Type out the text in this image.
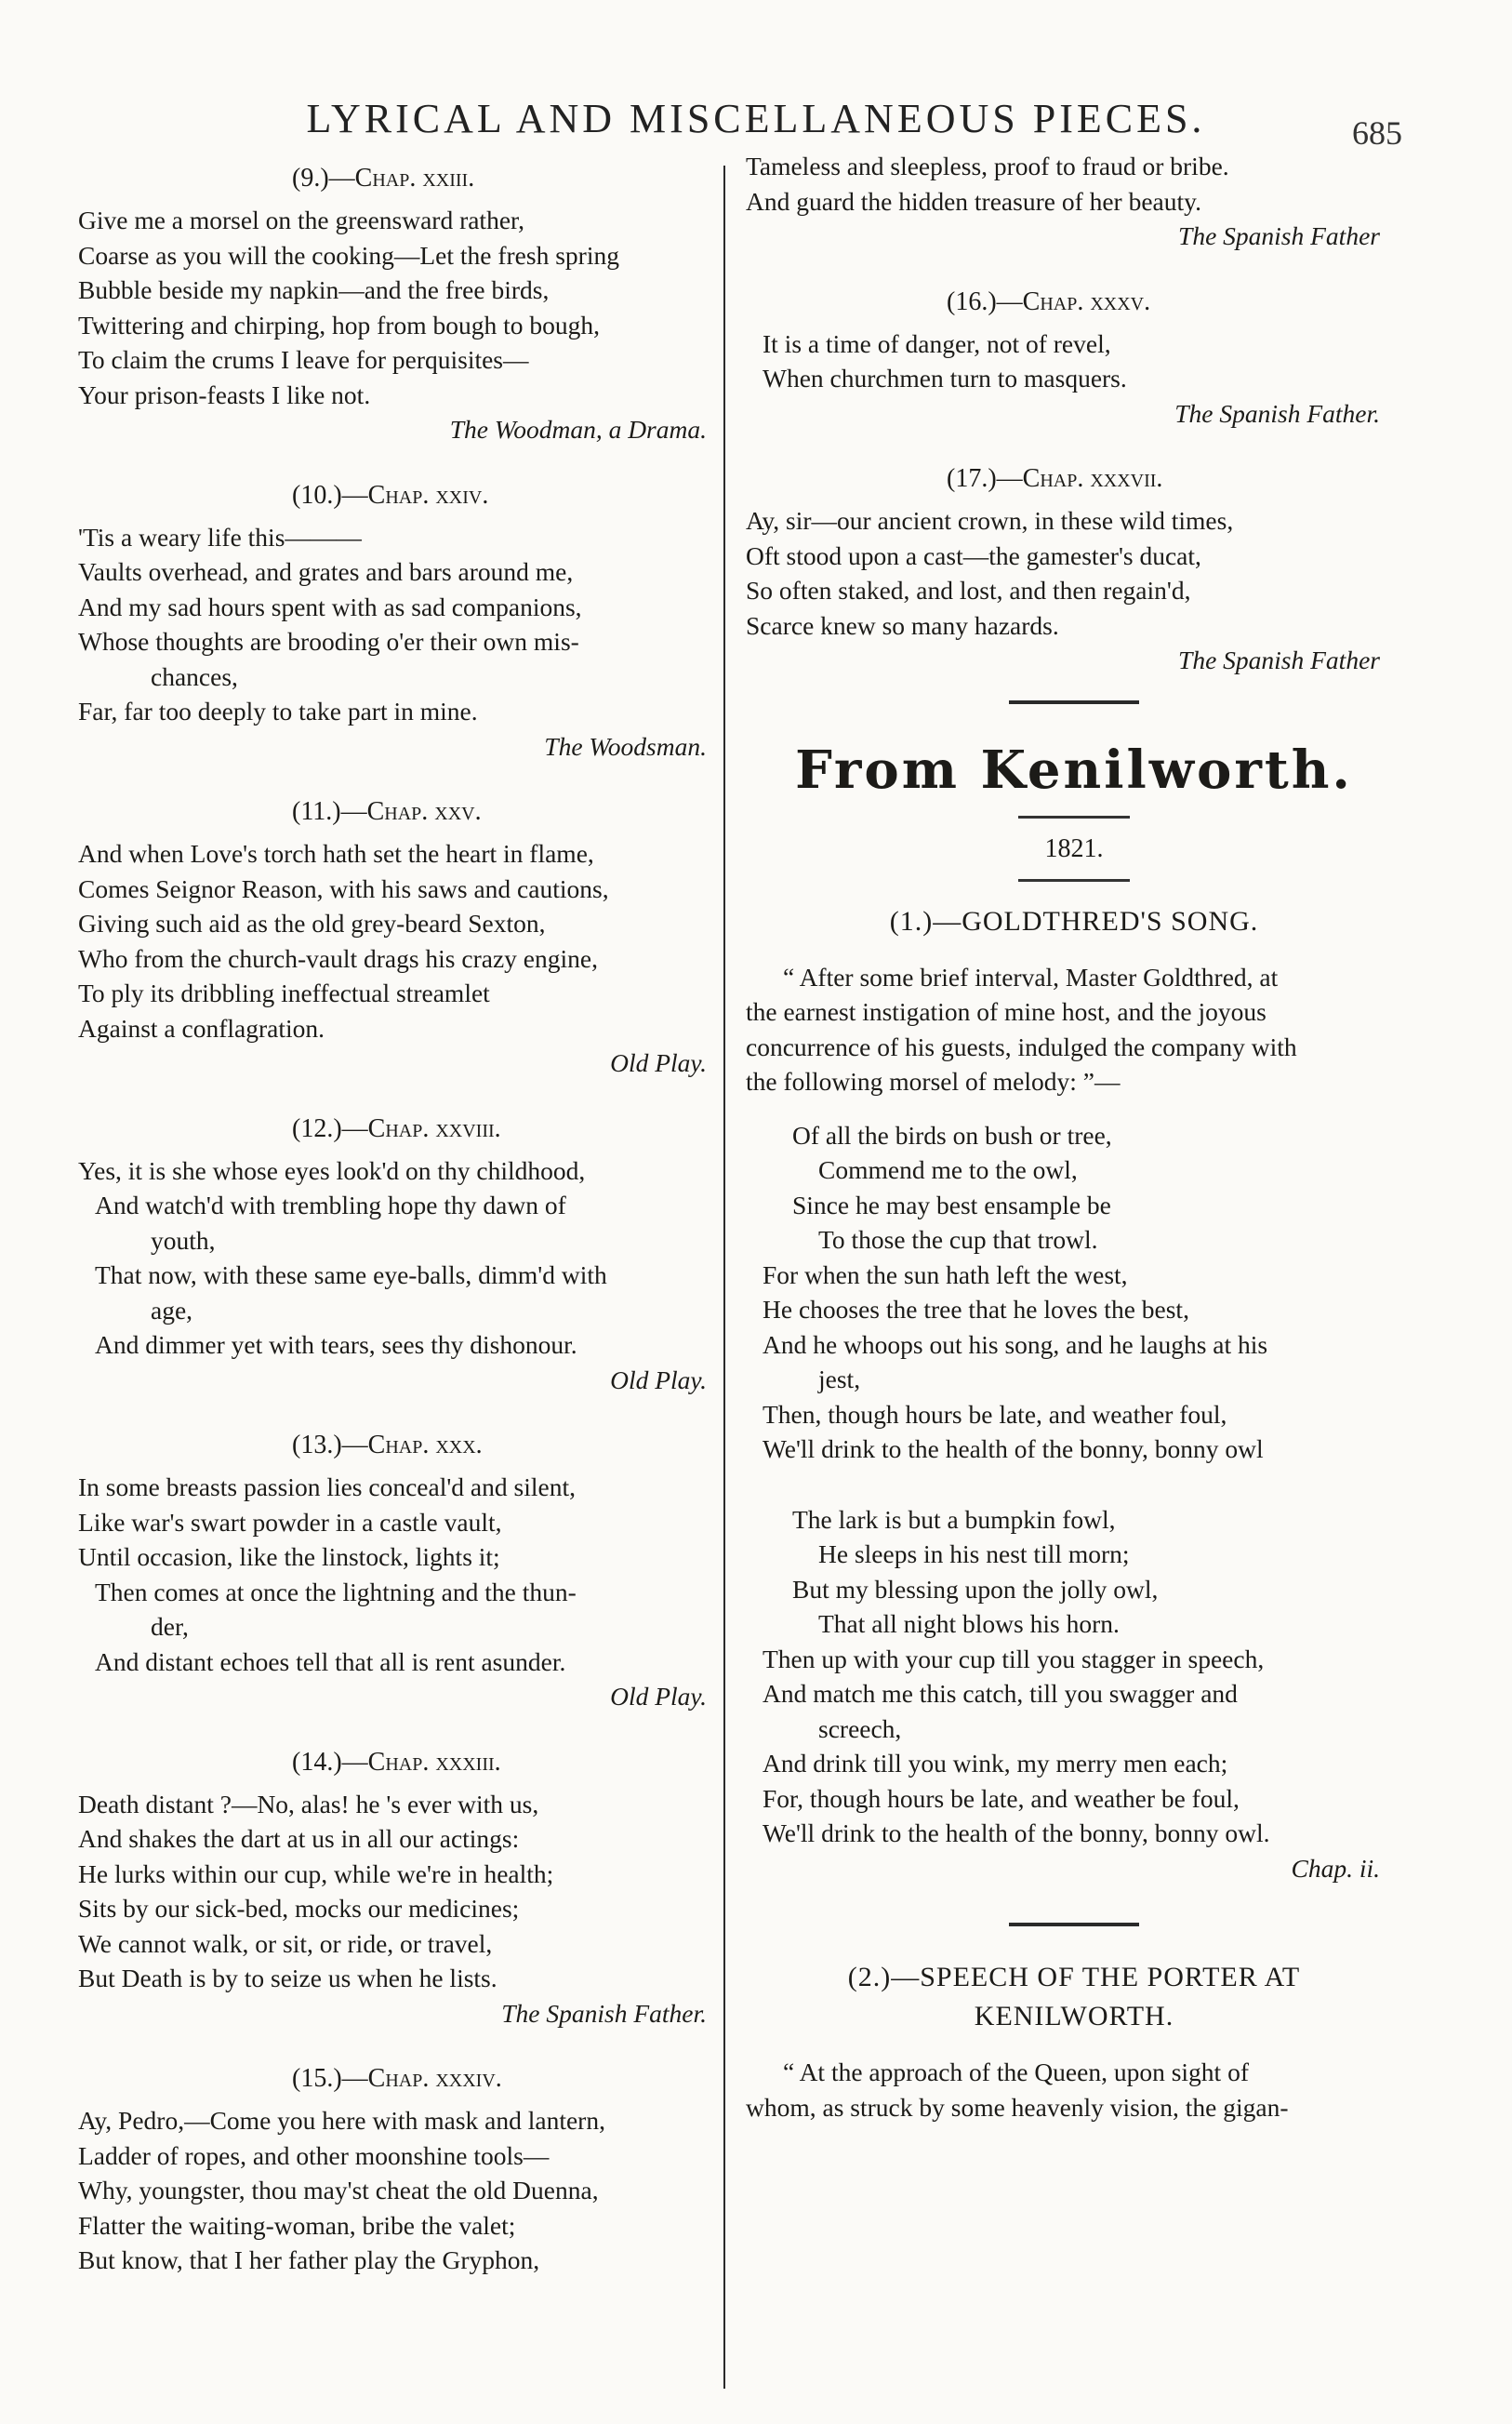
LYRICAL AND MISCELLANEOUS PIECES.	685
(9.)—Chap. xxiii.
Give me a morsel on the greensward rather,
Coarse as you will the cooking—Let the fresh spring
Bubble beside my napkin—and the free birds,
Twittering and chirping, hop from bough to bough,
To claim the crums I leave for perquisites—
Your prison-feasts I like not.
The Woodman, a Drama.
(10.)—Chap. xxiv.
'Tis a weary life this———
Vaults overhead, and grates and bars around me,
And my sad hours spent with as sad companions,
Whose thoughts are brooding o'er their own mis-
chances,
Far, far too deeply to take part in mine.
The Woodsman.
(11.)—Chap. xxv.
And when Love's torch hath set the heart in flame,
Comes Seignor Reason, with his saws and cautions,
Giving such aid as the old grey-beard Sexton,
Who from the church-vault drags his crazy engine,
To ply its dribbling ineffectual streamlet
Against a conflagration.
Old Play.
(12.)—Chap. xxviii.
Yes, it is she whose eyes look'd on thy childhood,
And watch'd with trembling hope thy dawn of
youth,
That now, with these same eye-balls, dimm'd with
age,
And dimmer yet with tears, sees thy dishonour.
Old Play.
(13.)—Chap. xxx.
In some breasts passion lies conceal'd and silent,
Like war's swart powder in a castle vault,
Until occasion, like the linstock, lights it;
Then comes at once the lightning and the thun-
der,
And distant echoes tell that all is rent asunder.
Old Play.
(14.)—Chap. xxxiii.
Death distant ?—No, alas! he 's ever with us,
And shakes the dart at us in all our actings:
He lurks within our cup, while we're in health;
Sits by our sick-bed, mocks our medicines;
We cannot walk, or sit, or ride, or travel,
But Death is by to seize us when he lists.
The Spanish Father.
(15.)—Chap. xxxiv.
Ay, Pedro,—Come you here with mask and lantern,
Ladder of ropes, and other moonshine tools—
Why, youngster, thou may'st cheat the old Duenna,
Flatter the waiting-woman, bribe the valet;
But know, that I her father play the Gryphon,
Tameless and sleepless, proof to fraud or bribe.
And guard the hidden treasure of her beauty.
The Spanish Father
(16.)—Chap. xxxv.
It is a time of danger, not of revel,
When churchmen turn to masquers.
The Spanish Father.
(17.)—Chap. xxxvii.
Ay, sir—our ancient crown, in these wild times,
Oft stood upon a cast—the gamester's ducat,
So often staked, and lost, and then regain'd,
Scarce knew so many hazards.
The Spanish Father
From Kenilworth.
1821.
(1.)—GOLDTHRED'S SONG.
“ After some brief interval, Master Goldthred, at
the earnest instigation of mine host, and the joyous
concurrence of his guests, indulged the company with
the following morsel of melody: ”—
Of all the birds on bush or tree,
Commend me to the owl,
Since he may best ensample be
To those the cup that trowl.
For when the sun hath left the west,
He chooses the tree that he loves the best,
And he whoops out his song, and he laughs at his
jest,
Then, though hours be late, and weather foul,
We'll drink to the health of the bonny, bonny owl
The lark is but a bumpkin fowl,
He sleeps in his nest till morn;
But my blessing upon the jolly owl,
That all night blows his horn.
Then up with your cup till you stagger in speech,
And match me this catch, till you swagger and
screech,
And drink till you wink, my merry men each;
For, though hours be late, and weather be foul,
We'll drink to the health of the bonny, bonny owl.
Chap. ii.
(2.)—SPEECH OF THE PORTER AT
KENILWORTH.
“ At the approach of the Queen, upon sight of
whom, as struck by some heavenly vision, the gigan-
